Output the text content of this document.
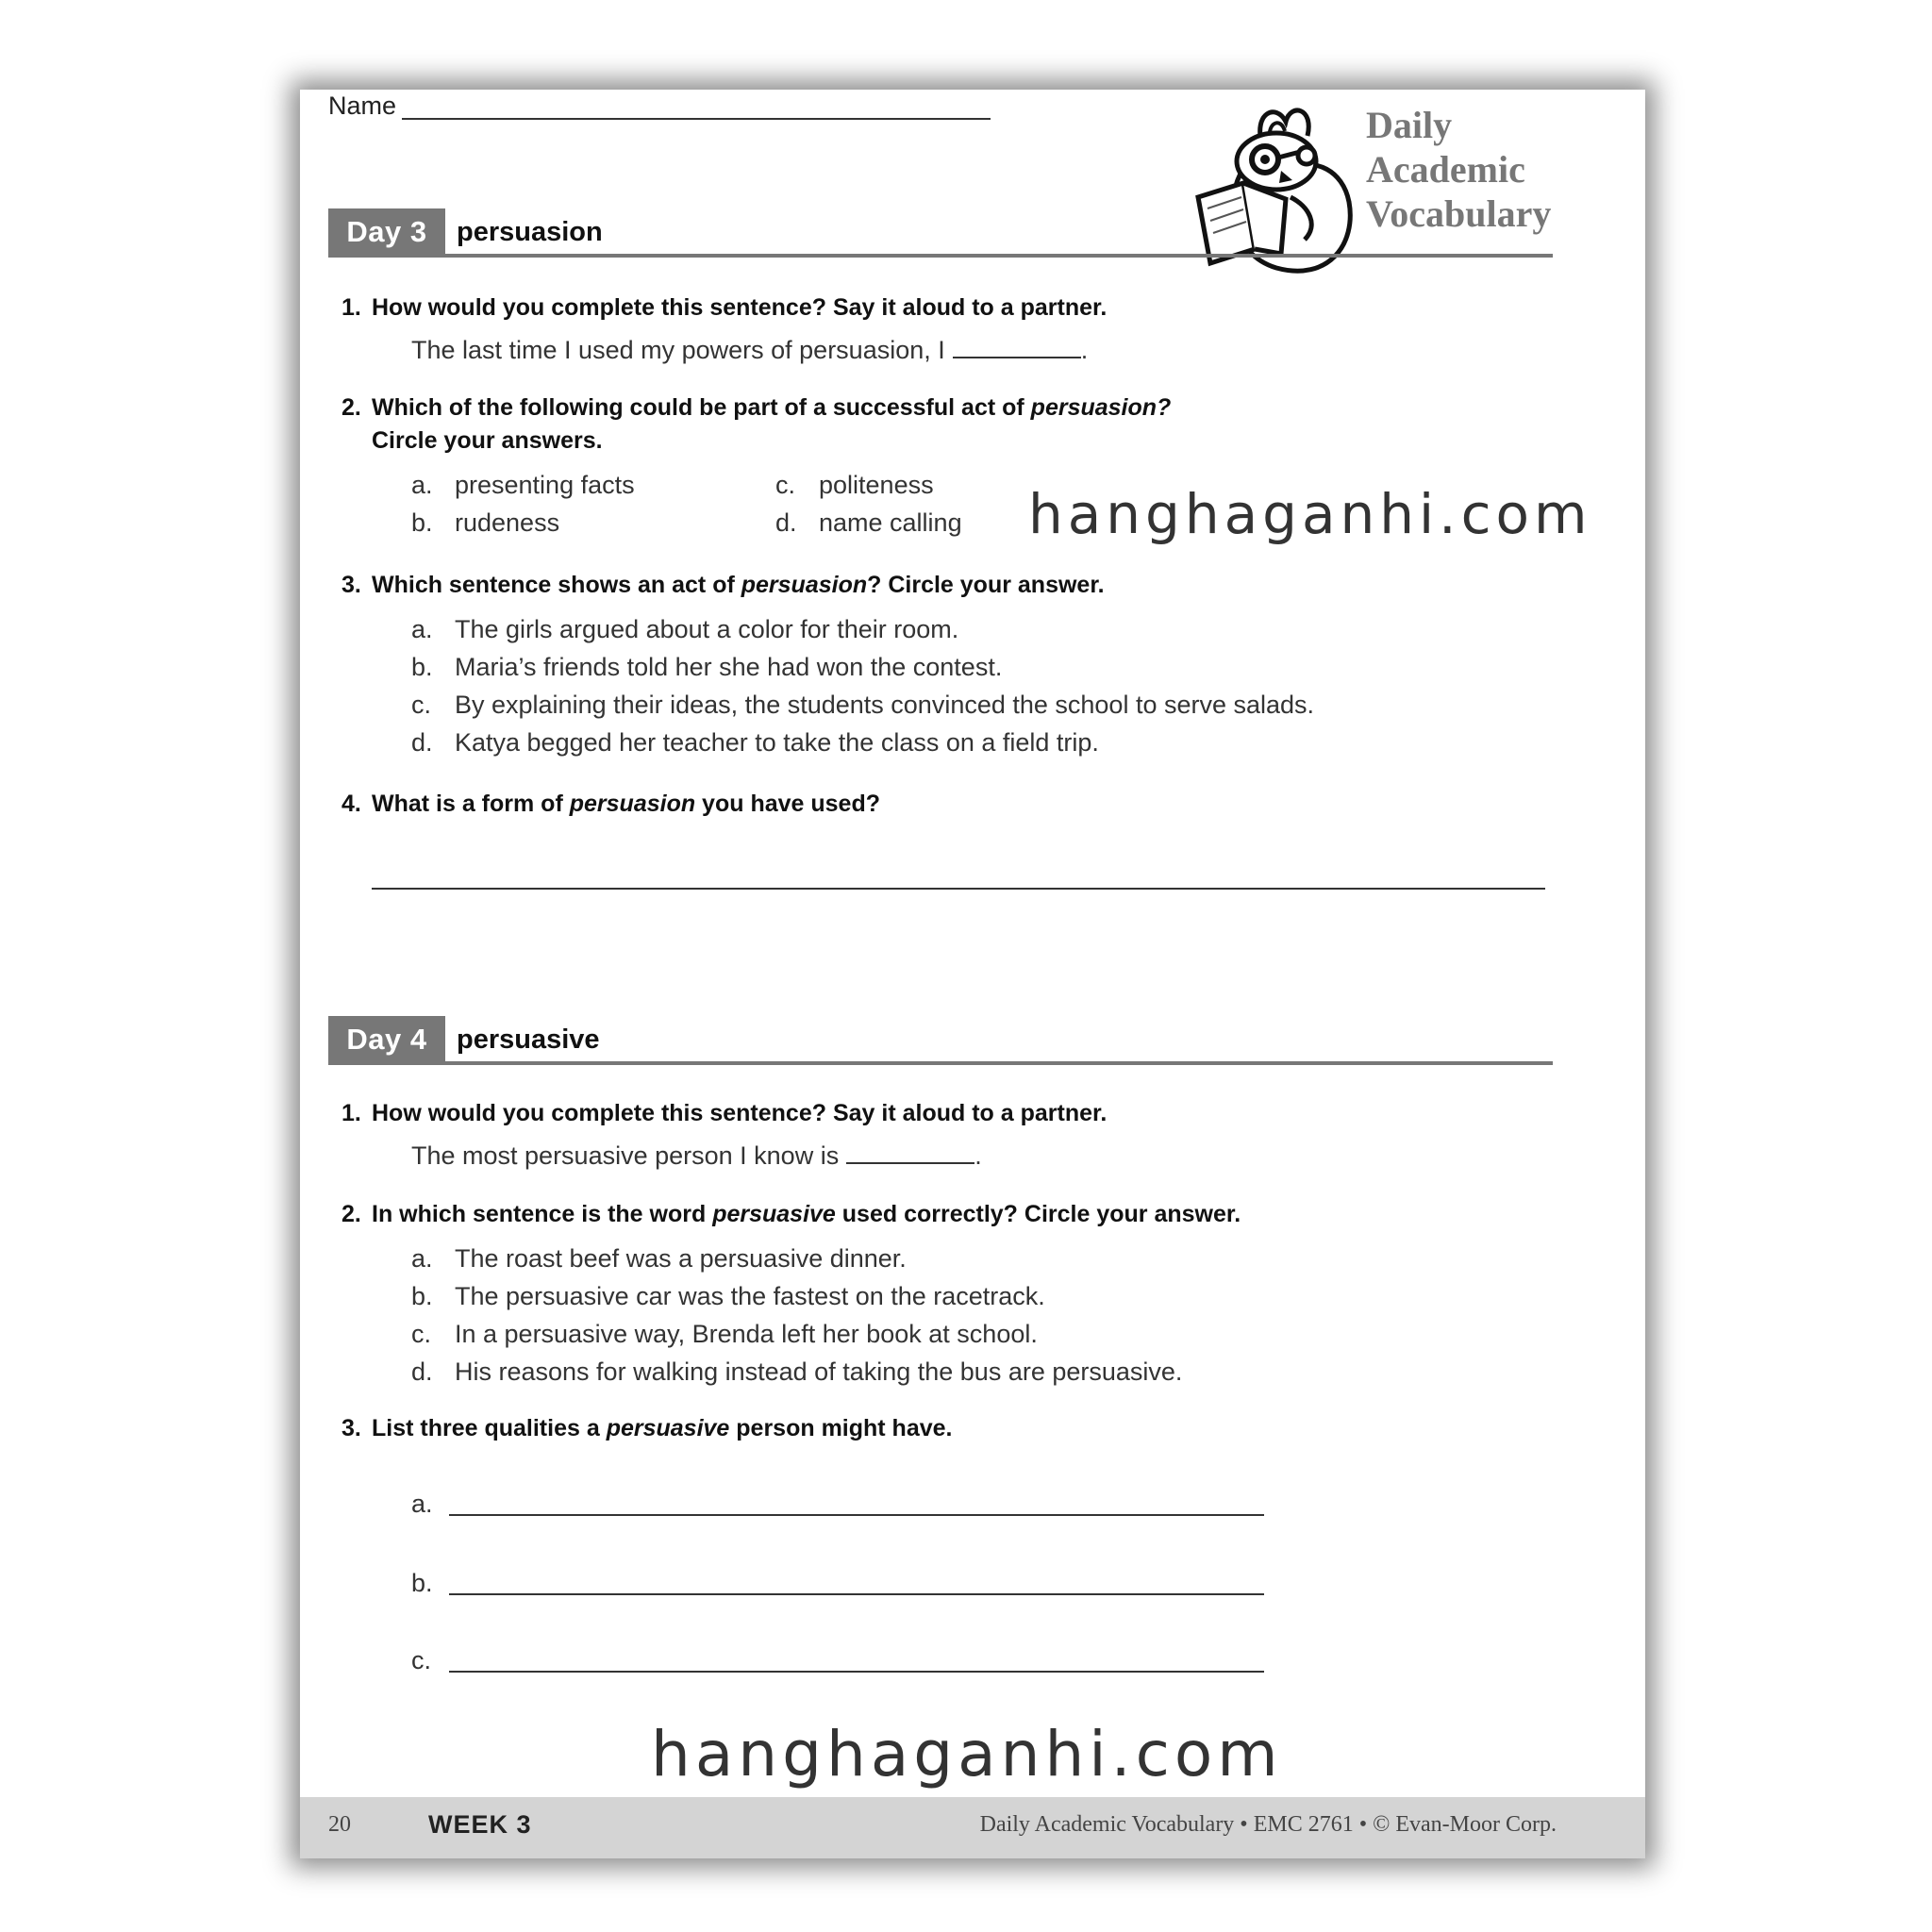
Name	Daily
Academic
Vocabulary
Day 3	persuasion
1. How would you complete this sentence? Say it aloud to a partner.
The last time I used my powers of persuasion, I	.
2. Which of the following could be part of a successful act of persuasion?
Circle your answers.
a. presenting facts
b. rudeness
c. politeness
d. name calling
3. Which sentence shows an act of persuasion? Circle your answer.
a. The girls argued about a color for their room.
b. Maria’s friends told her she had won the contest.
c. By explaining their ideas, the students convinced the school to serve salads.
d. Katya begged her teacher to take the class on a field trip.
4. What is a form of persuasion you have used?
Day 4	persuasive
1. How would you complete this sentence? Say it aloud to a partner.
The most persuasive person I know is	.
2. In which sentence is the word persuasive used correctly? Circle your answer.
a. The roast beef was a persuasive dinner.
b. The persuasive car was the fastest on the racetrack.
c. In a persuasive way, Brenda left her book at school.
d. His reasons for walking instead of taking the bus are persuasive.
3. List three qualities a persuasive person might have.
a.
b.
c.
hanghaganhi.com
hanghaganhi.com
20	WEEK 3	Daily Academic Vocabulary • EMC 2761 • © Evan-Moor Corp.
